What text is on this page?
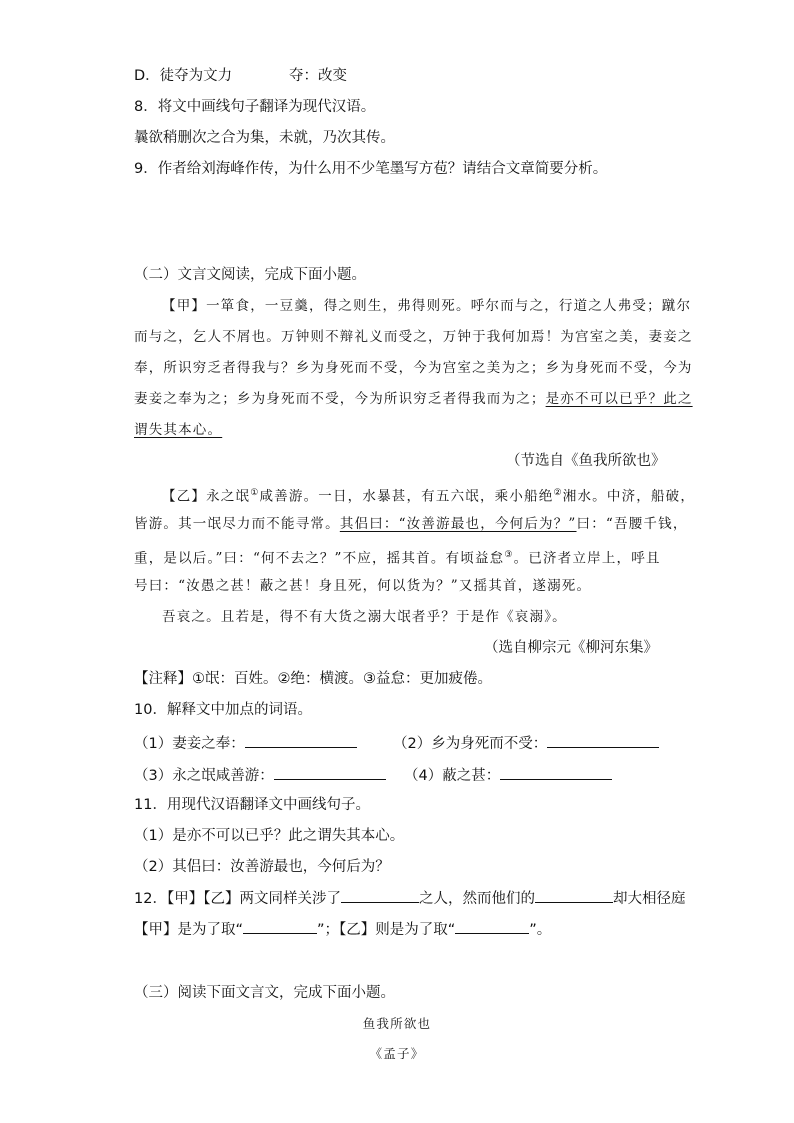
D．徒夺为文力	夺：改变
8．将文中画线句子翻译为现代汉语。
曩欲稍删次之合为集，未就，乃次其传。
9．作者给刘海峰作传，为什么用不少笔墨写方苞？请结合文章简要分析。
（二）文言文阅读，完成下面小题。
【甲】一箪食，一豆羹，得之则生，弗得则死。呼尔而与之，行道之人弗受；蹴尔
而与之，乞人不屑也。万钟则不辩礼义而受之，万钟于我何加焉！为宫室之美，妻妾之
奉，所识穷乏者得我与？乡为身死而不受，今为宫室之美为之；乡为身死而不受，今为
妻妾之奉为之；乡为身死而不受，今为所识穷乏者得我而为之；是亦不可以已乎？此之
谓失其本心。
（节选自《鱼我所欲也》
【乙】永之氓①咸善游。一日，水暴甚，有五六氓，乘小船绝②湘水。中济，船破，
皆游。其一氓尽力而不能寻常。其侣曰：“汝善游最也，今何后为？”曰：“吾腰千钱，
重，是以后。”曰：“何不去之？”不应，摇其首。有顷益怠③。已济者立岸上，呼且
号曰：“汝愚之甚！蔽之甚！身且死，何以货为？”又摇其首，遂溺死。
吾哀之。且若是，得不有大货之溺大氓者乎？于是作《哀溺》。
（选自柳宗元《柳河东集》
【注释】①氓：百姓。②绝：横渡。③益怠：更加疲倦。
10．解释文中加点的词语。
（1）妻妾之奉：	（2）乡为身死而不受：
（3）永之氓咸善游：	（4）蔽之甚：
11．用现代汉语翻译文中画线句子。
（1）是亦不可以已乎？此之谓失其本心。
（2）其侣曰：汝善游最也，今何后为？
12．【甲】【乙】两文同样关涉了	之人，然而他们的	却大相径庭
【甲】是为了取“	”；【乙】则是为了取“	”。
（三）阅读下面文言文，完成下面小题。
鱼我所欲也
《孟子》
